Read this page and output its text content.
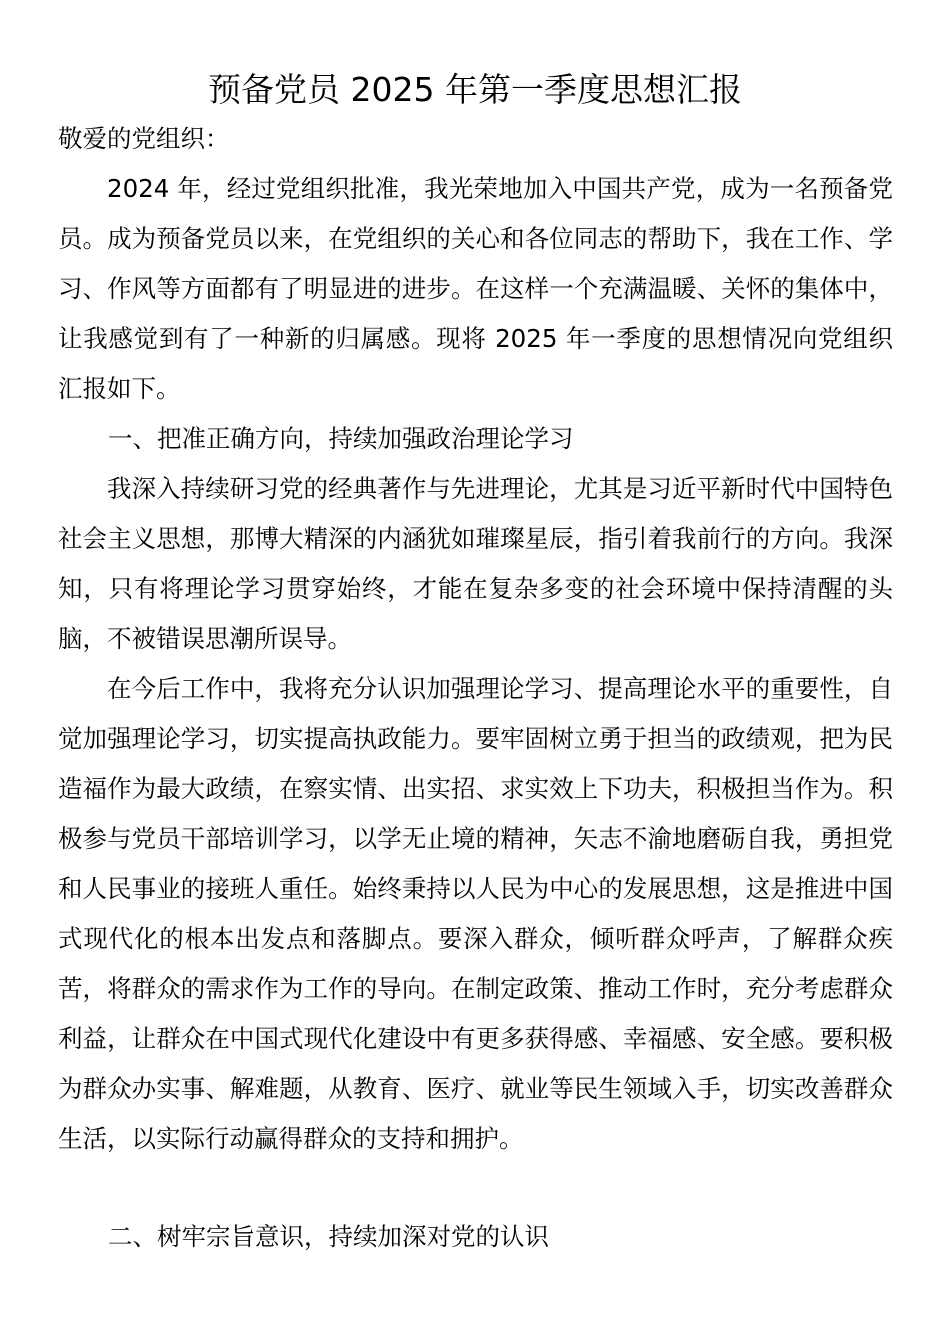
预备党员 2025 年第一季度思想汇报
敬爱的党组织：

2024 年，经过党组织批准，我光荣地加入中国共产党，成为一名预备党员。成为预备党员以来，在党组织的关心和各位同志的帮助下，我在工作、学习、作风等方面都有了明显进的进步。在这样一个充满温暖、关怀的集体中，让我感觉到有了一种新的归属感。现将 2025 年一季度的思想情况向党组织汇报如下。

一、把准正确方向，持续加强政治理论学习

我深入持续研习党的经典著作与先进理论，尤其是习近平新时代中国特色社会主义思想，那博大精深的内涵犹如璀璨星辰，指引着我前行的方向。我深知，只有将理论学习贯穿始终，才能在复杂多变的社会环境中保持清醒的头脑，不被错误思潮所误导。

在今后工作中，我将充分认识加强理论学习、提高理论水平的重要性，自觉加强理论学习，切实提高执政能力。要牢固树立勇于担当的政绩观，把为民造福作为最大政绩，在察实情、出实招、求实效上下功夫，积极担当作为。积极参与党员干部培训学习，以学无止境的精神，矢志不渝地磨砺自我，勇担党和人民事业的接班人重任。始终秉持以人民为中心的发展思想，这是推进中国式现代化的根本出发点和落脚点。要深入群众，倾听群众呼声，了解群众疾苦，将群众的需求作为工作的导向。在制定政策、推动工作时，充分考虑群众利益，让群众在中国式现代化建设中有更多获得感、幸福感、安全感。要积极为群众办实事、解难题，从教育、医疗、就业等民生领域入手，切实改善群众生活，以实际行动赢得群众的支持和拥护。

二、树牢宗旨意识，持续加深对党的认识
